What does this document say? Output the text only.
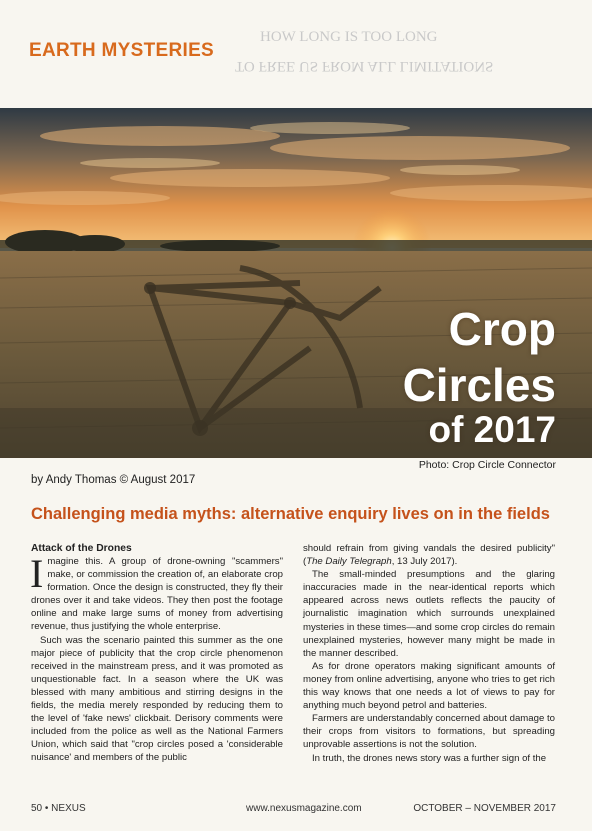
HOW LONG IS TOO LONG
TO FREE US FROM ALL LIMITATIONS
EARTH MYSTERIES
Crop
Circles
of 2017
Photo: Crop Circle Connector
by Andy Thomas © August 2017
Challenging media myths: alternative enquiry lives on in the fields
Attack of the Drones

Imagine this. A group of drone-owning "scammers" make, or commission the creation of, an elaborate crop formation. Once the design is constructed, they fly their drones over it and take videos. They then post the footage online and make large sums of money from advertising revenue, thus justifying the whole enterprise.

Such was the scenario painted this summer as the one major piece of publicity that the crop circle phenomenon received in the mainstream press, and it was promoted as unquestionable fact. In a season where the UK was blessed with many ambitious and stirring designs in the fields, the media merely responded by reducing them to the level of 'fake news' clickbait. Derisory comments were included from the police as well as the National Farmers Union, which said that "crop circles posed a 'considerable nuisance' and members of the public

should refrain from giving vandals the desired publicity" (The Daily Telegraph, 13 July 2017).

The small-minded presumptions and the glaring inaccuracies made in the near-identical reports which appeared across news outlets reflects the paucity of journalistic imagination which surrounds unexplained mysteries in these times—and some crop circles do remain unexplained mysteries, however many might be made in the manner described.

As for drone operators making significant amounts of money from online advertising, anyone who tries to get rich this way knows that one needs a lot of views to pay for anything much beyond petrol and batteries.

Farmers are understandably concerned about damage to their crops from visitors to formations, but spreading unprovable assertions is not the solution.

In truth, the drones news story was a further sign of the

50 • NEXUS	www.nexusmagazine.com	OCTOBER – NOVEMBER 2017
